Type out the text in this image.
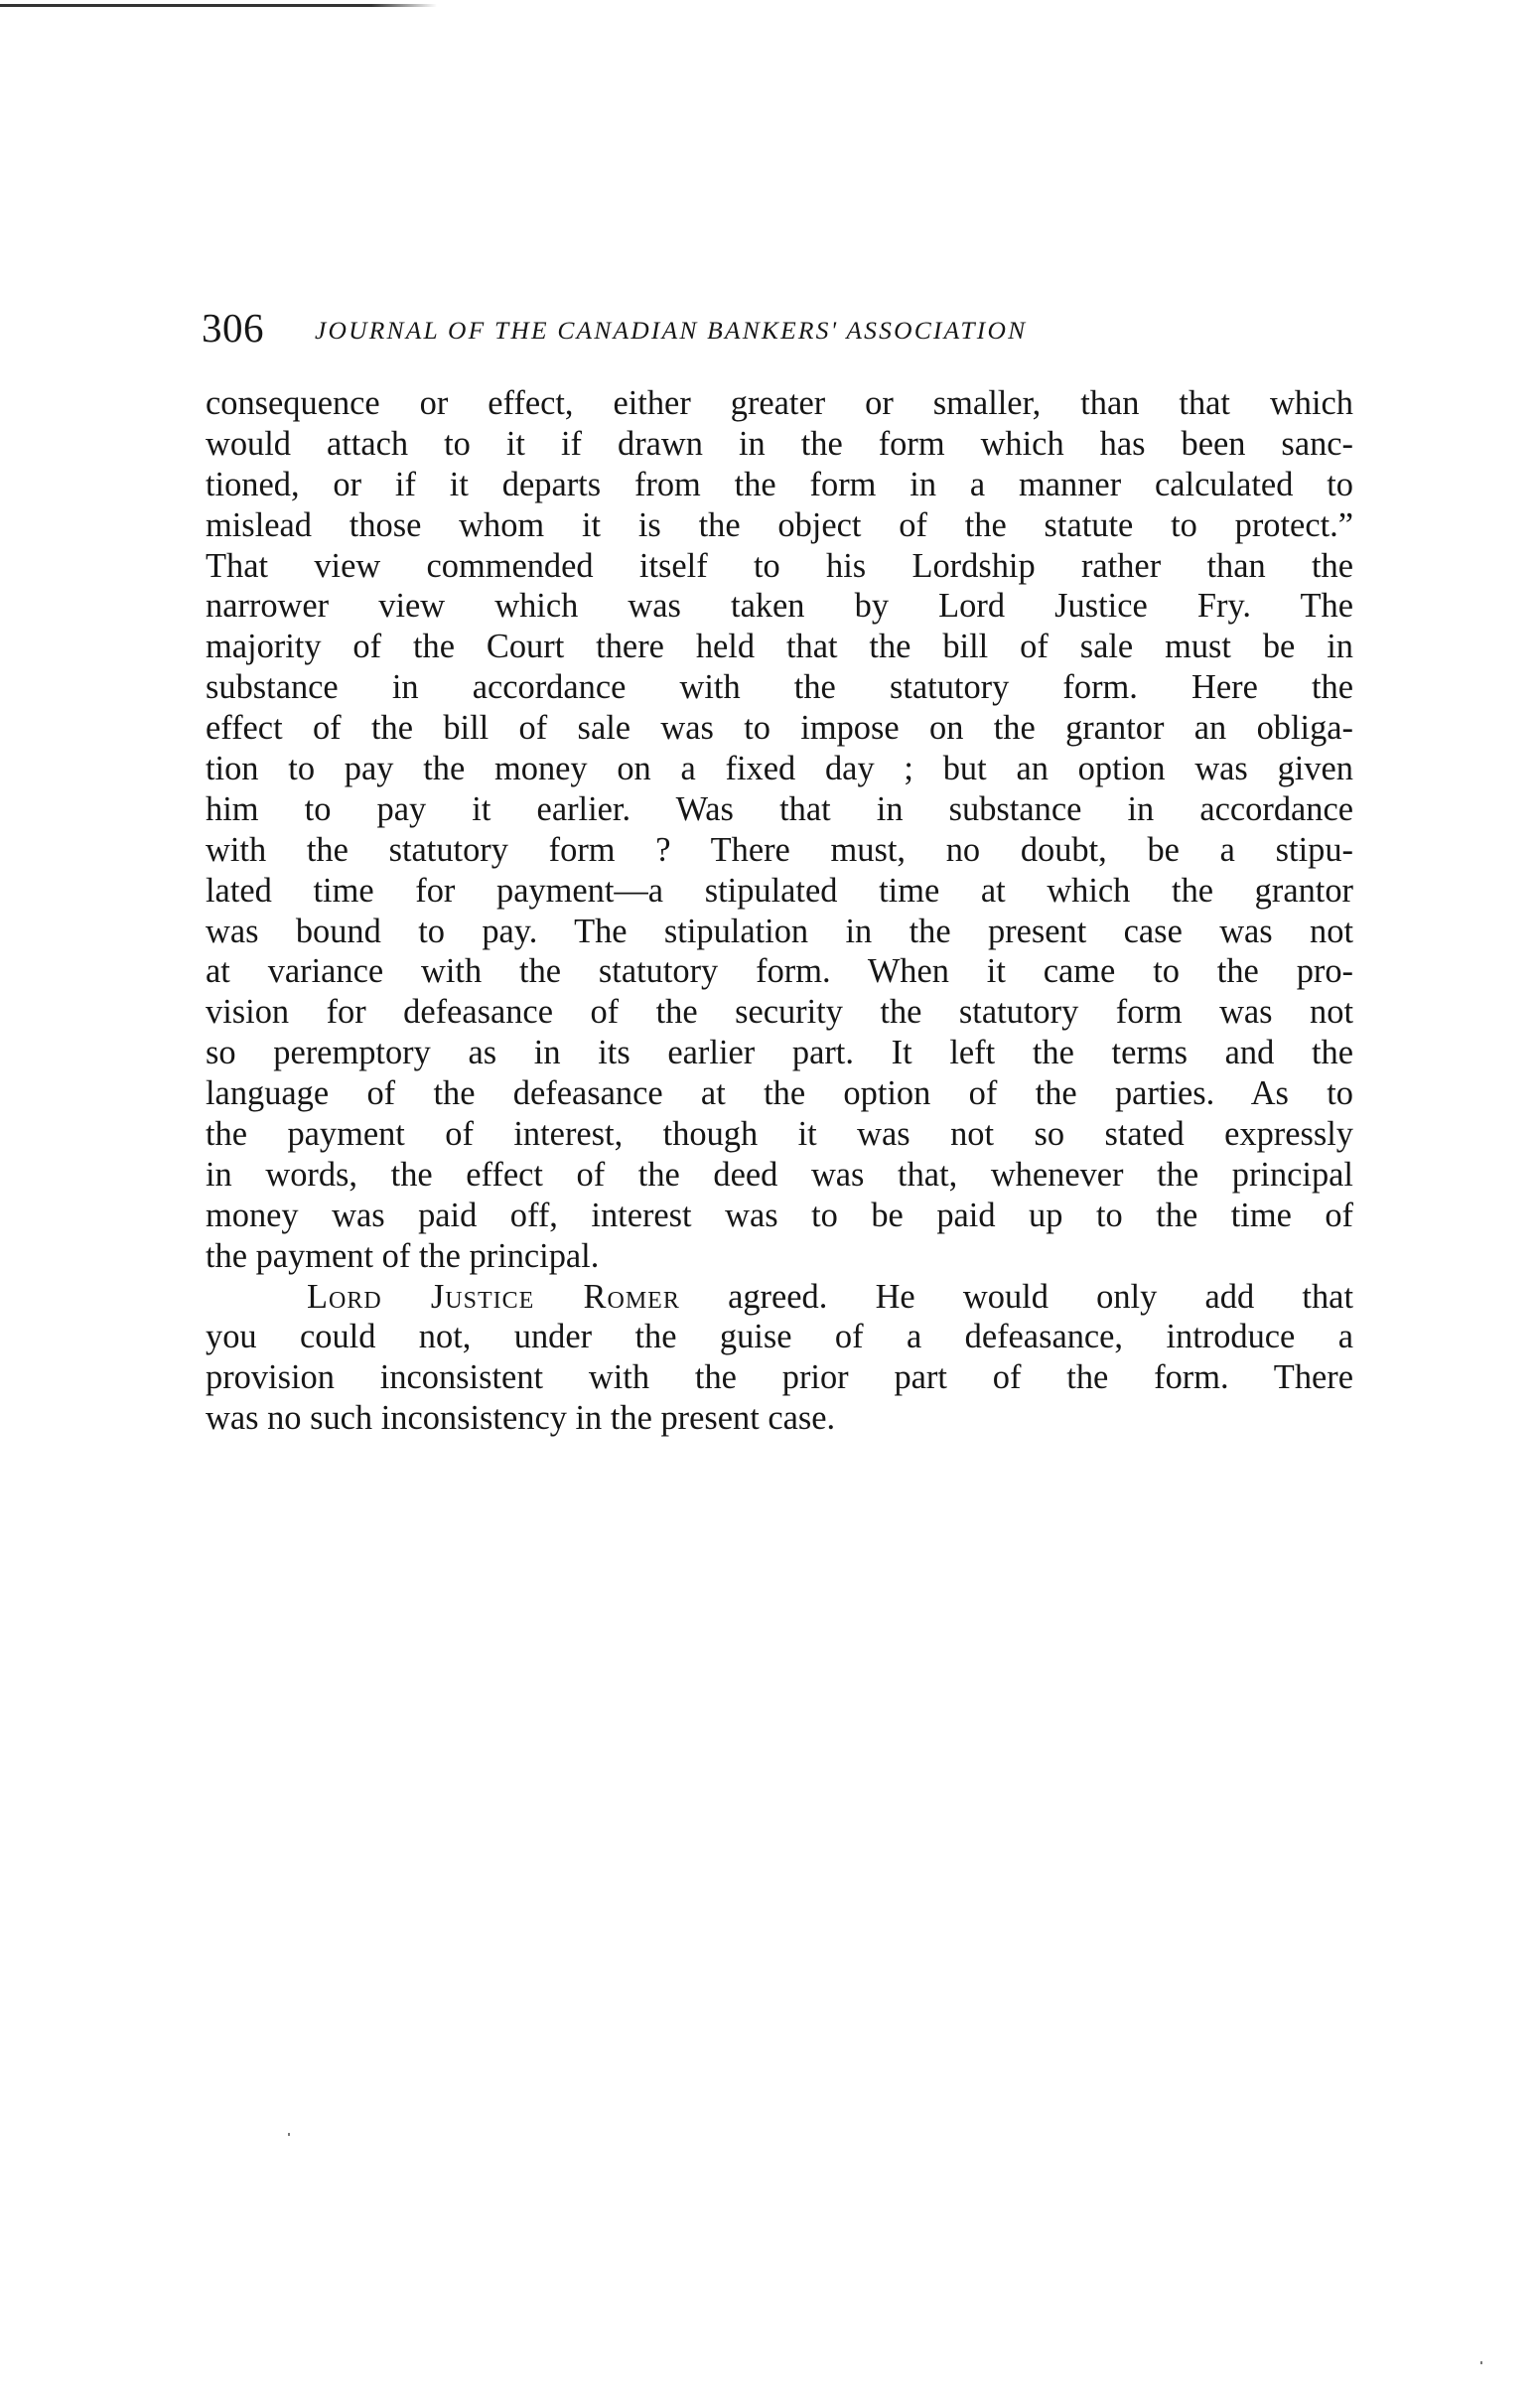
306 JOURNAL OF THE CANADIAN BANKERS' ASSOCIATION
consequence or effect, either greater or smaller, than that which
would attach to it if drawn in the form which has been sanc-
tioned, or if it departs from the form in a manner calculated to
mislead those whom it is the object of the statute to protect.”
That view commended itself to his Lordship rather than the
narrower view which was taken by Lord Justice Fry. The
majority of the Court there held that the bill of sale must be in
substance in accordance with the statutory form. Here the
effect of the bill of sale was to impose on the grantor an obliga-
tion to pay the money on a fixed day ; but an option was given
him to pay it earlier. Was that in substance in accordance
with the statutory form ? There must, no doubt, be a stipu-
lated time for payment—a stipulated time at which the grantor
was bound to pay. The stipulation in the present case was not
at variance with the statutory form. When it came to the pro-
vision for defeasance of the security the statutory form was not
so peremptory as in its earlier part. It left the terms and the
language of the defeasance at the option of the parties. As to
the payment of interest, though it was not so stated expressly
in words, the effect of the deed was that, whenever the principal
money was paid off, interest was to be paid up to the time of
the payment of the principal.
Lord Justice Romer agreed. He would only add that
you could not, under the guise of a defeasance, introduce a
provision inconsistent with the prior part of the form. There
was no such inconsistency in the present case.
